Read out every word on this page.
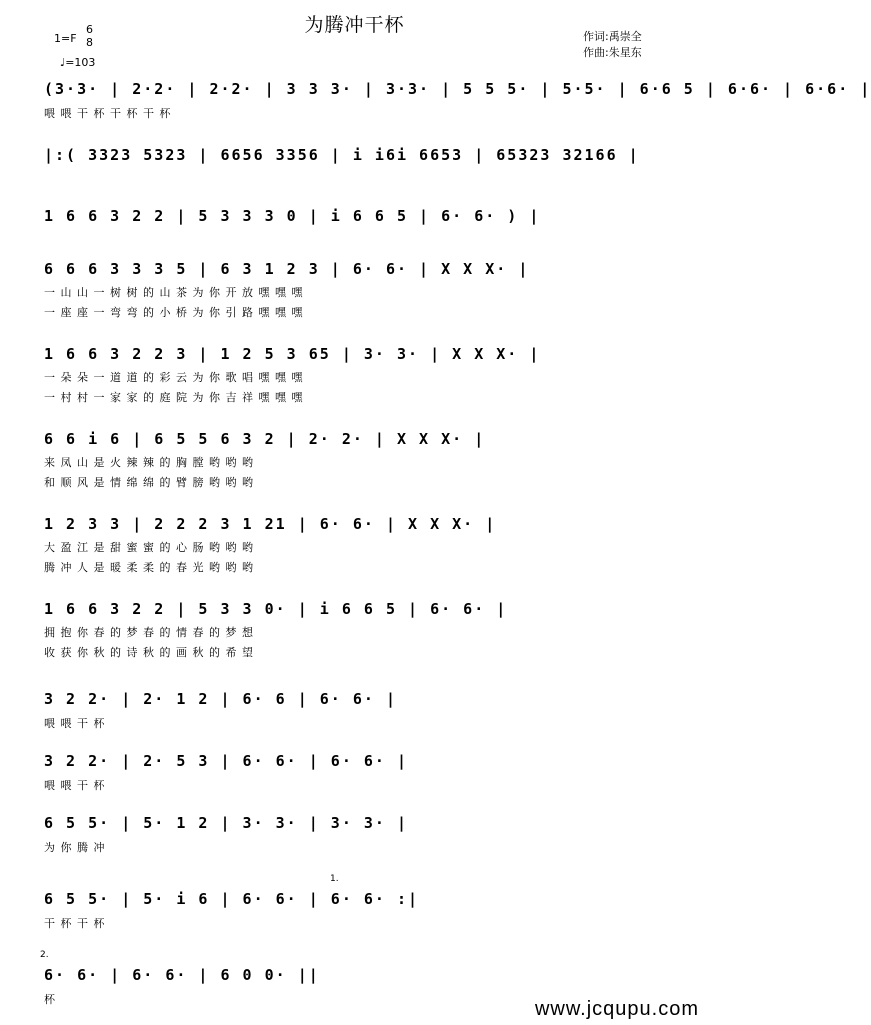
为腾冲干杯
1=F
6
8
♩=103
作词:禹崇全
作曲:朱星东
(3·3· | 2·2· | 2·2· | 3 3 3· | 3·3· | 5 5 5· | 5·5· | 6·6 5 | 6·6· | 6·6· |
喂 喂 干 杯 干 杯 干 杯
|:( 3323 5323 | 6656 3356 | i i6i 6653 | 65323 32166 |
1 6 6 3 2 2 | 5 3 3 3 0 | i 6 6 5 | 6· 6· ) |
6 6 6 3 3 3 5 | 6 3 1 2 3 | 6· 6· | X X X· |
一 山 山 一 树 树 的 山 茶 为 你 开 放 嘿 嘿 嘿
一 座 座 一 弯 弯 的 小 桥 为 你 引 路 嘿 嘿 嘿
1 6 6 3 2 2 3 | 1 2 5 3 65 | 3· 3· | X X X· |
一 朵 朵 一 道 道 的 彩 云 为 你 歌 唱 嘿 嘿 嘿
一 村 村 一 家 家 的 庭 院 为 你 吉 祥 嘿 嘿 嘿
6 6 i 6 | 6 5 5 6 3 2 | 2· 2· | X X X· |
来 凤 山 是 火 辣 辣 的 胸 膛 哟 哟 哟
和 顺 风 是 情 绵 绵 的 臂 膀 哟 哟 哟
1 2 3 3 | 2 2 2 3 1 21 | 6· 6· | X X X· |
大 盈 江 是 甜 蜜 蜜 的 心 肠 哟 哟 哟
腾 冲 人 是 暖 柔 柔 的 春 光 哟 哟 哟
1 6 6 3 2 2 | 5 3 3 0· | i 6 6 5 | 6· 6· |
拥 抱 你 春 的 梦 春 的 情 春 的 梦 想
收 获 你 秋 的 诗 秋 的 画 秋 的 希 望
3 2 2· | 2· 1 2 | 6· 6 | 6· 6· |
喂 喂 干 杯
3 2 2· | 2· 5 3 | 6· 6· | 6· 6· |
喂 喂 干 杯
6 5 5· | 5· 1 2 | 3· 3· | 3· 3· |
为 你 腾 冲
6 5 5· | 5· i 6 | 6· 6· | 6· 6· :|
干 杯 干 杯
1.
6· 6· | 6· 6· | 6 0 0· ||
杯
2.
www.jcqupu.com
